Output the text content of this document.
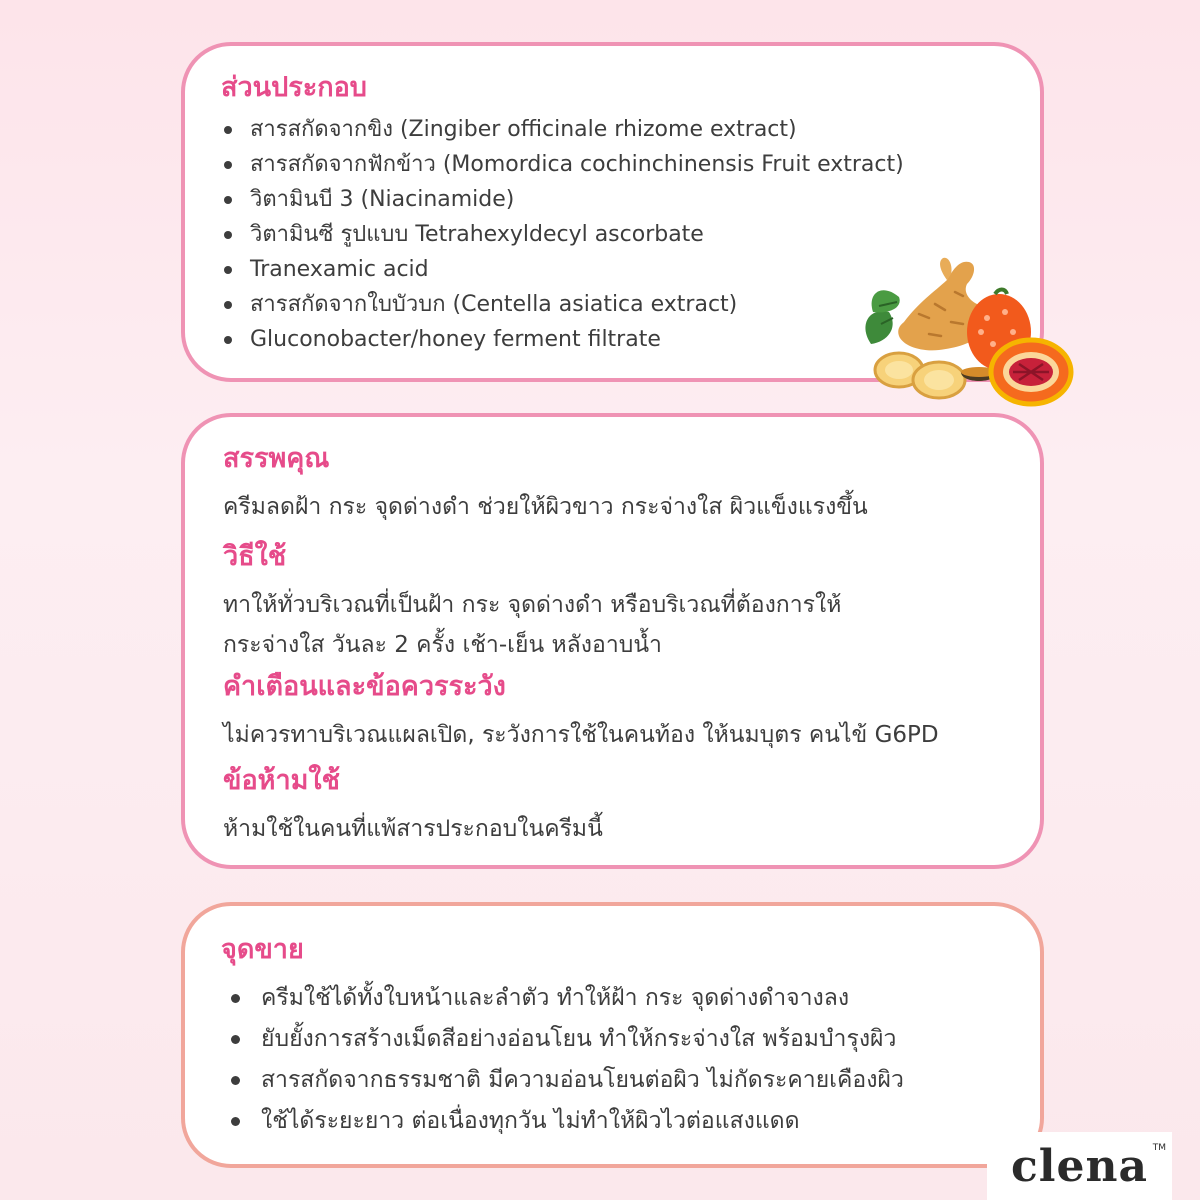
ส่วนประกอบ
สารสกัดจากขิง (Zingiber officinale rhizome extract)
สารสกัดจากฟักข้าว (Momordica cochinchinensis Fruit extract)
วิตามินบี 3 (Niacinamide)
วิตามินซี รูปแบบ Tetrahexyldecyl ascorbate
Tranexamic acid
สารสกัดจากใบบัวบก (Centella asiatica extract)
Gluconobacter/honey ferment filtrate
สรรพคุณ

ครีมลดฝ้า กระ จุดด่างดำ ช่วยให้ผิวขาว กระจ่างใส ผิวแข็งแรงขึ้น

วิธีใช้

ทาให้ทั่วบริเวณที่เป็นฝ้า กระ จุดด่างดำ หรือบริเวณที่ต้องการให้

กระจ่างใส วันละ 2 ครั้ง เช้า-เย็น หลังอาบน้ำ

คำเตือนและข้อควรระวัง

ไม่ควรทาบริเวณแผลเปิด, ระวังการใช้ในคนท้อง ให้นมบุตร คนไข้ G6PD

ข้อห้ามใช้

ห้ามใช้ในคนที่แพ้สารประกอบในครีมนี้

จุดขาย
ครีมใช้ได้ทั้งใบหน้าและลำตัว ทำให้ฝ้า กระ จุดด่างดำจางลง
ยับยั้งการสร้างเม็ดสีอย่างอ่อนโยน ทำให้กระจ่างใส พร้อมบำรุงผิว
สารสกัดจากธรรมชาติ มีความอ่อนโยนต่อผิว ไม่กัดระคายเคืองผิว
ใช้ได้ระยะยาว ต่อเนื่องทุกวัน ไม่ทำให้ผิวไวต่อแสงแดด
clena TM
